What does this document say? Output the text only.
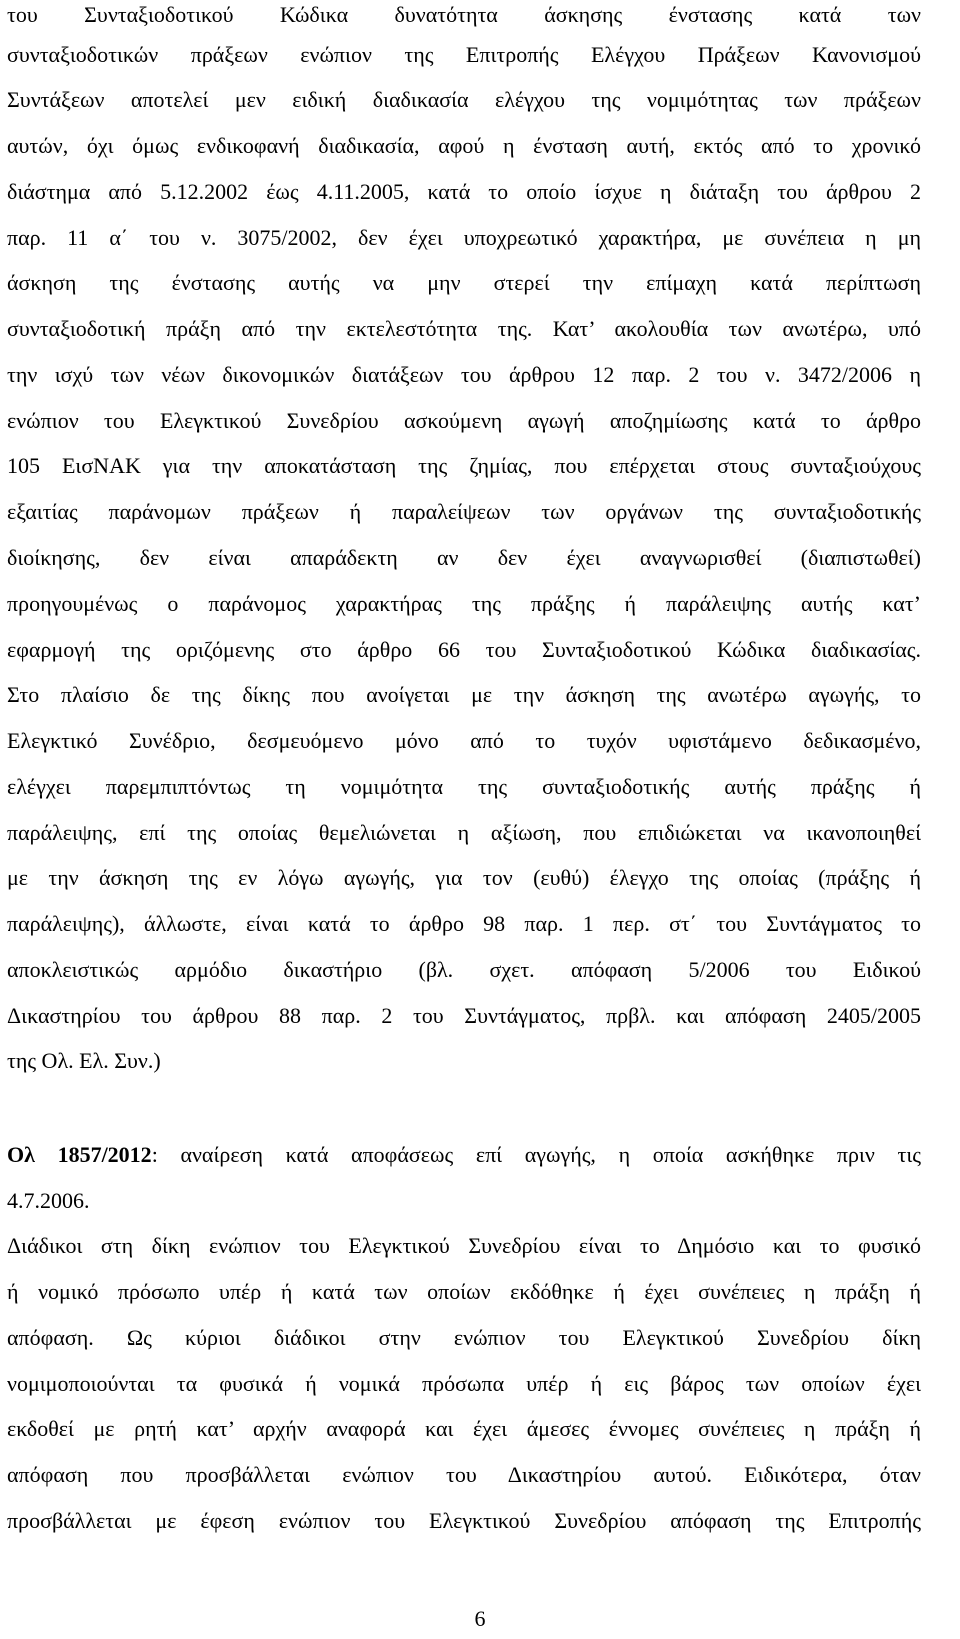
του Συνταξιοδοτικού Κώδικα δυνατότητα άσκησης ένστασης κατά των
συνταξιοδοτικών πράξεων ενώπιον της Επιτροπής Ελέγχου Πράξεων Κανονισμού
Συντάξεων αποτελεί μεν ειδική διαδικασία ελέγχου της νομιμότητας των πράξεων
αυτών, όχι όμως ενδικοφανή διαδικασία, αφού η ένσταση αυτή, εκτός από το χρονικό
διάστημα από 5.12.2002 έως 4.11.2005, κατά το οποίο ίσχυε η διάταξη του άρθρου 2
παρ. 11 α΄ του ν. 3075/2002, δεν έχει υποχρεωτικό χαρακτήρα, με συνέπεια η μη
άσκηση της ένστασης αυτής να μην στερεί την επίμαχη κατά περίπτωση
συνταξιοδοτική πράξη από την εκτελεστότητα της. Κατ’ ακολουθία των ανωτέρω, υπό
την ισχύ των νέων δικονομικών διατάξεων του άρθρου 12 παρ. 2 του ν. 3472/2006 η
ενώπιον του Ελεγκτικού Συνεδρίου ασκούμενη αγωγή αποζημίωσης κατά το άρθρο
105 ΕισΝΑΚ για την αποκατάσταση της ζημίας, που επέρχεται στους συνταξιούχους
εξαιτίας παράνομων πράξεων ή παραλείψεων των οργάνων της συνταξιοδοτικής
διοίκησης, δεν είναι απαράδεκτη αν δεν έχει αναγνωρισθεί (διαπιστωθεί)
προηγουμένως ο παράνομος χαρακτήρας της πράξης ή παράλειψης αυτής κατ’
εφαρμογή της οριζόμενης στο άρθρο 66 του Συνταξιοδοτικού Κώδικα διαδικασίας.
Στο πλαίσιο δε της δίκης που ανοίγεται με την άσκηση της ανωτέρω αγωγής, το
Ελεγκτικό Συνέδριο, δεσμευόμενο μόνο από το τυχόν υφιστάμενο δεδικασμένο,
ελέγχει παρεμπιπτόντως τη νομιμότητα της συνταξιοδοτικής αυτής πράξης ή
παράλειψης, επί της οποίας θεμελιώνεται η αξίωση, που επιδιώκεται να ικανοποιηθεί
με την άσκηση της εν λόγω αγωγής, για τον (ευθύ) έλεγχο της οποίας (πράξης ή
παράλειψης), άλλωστε, είναι κατά το άρθρο 98 παρ. 1 περ. στ΄ του Συντάγματος το
αποκλειστικώς αρμόδιο δικαστήριο (βλ. σχετ. απόφαση 5/2006 του Ειδικού
Δικαστηρίου του άρθρου 88 παρ. 2 του Συντάγματος, πρβλ. και απόφαση 2405/2005
της Ολ. Ελ. Συν.)
Ολ 1857/2012: αναίρεση κατά αποφάσεως επί αγωγής, η οποία ασκήθηκε πριν τις
4.7.2006.
Διάδικοι στη δίκη ενώπιον του Ελεγκτικού Συνεδρίου είναι το Δημόσιο και το φυσικό
ή νομικό πρόσωπο υπέρ ή κατά των οποίων εκδόθηκε ή έχει συνέπειες η πράξη ή
απόφαση. Ως κύριοι διάδικοι στην ενώπιον του Ελεγκτικού Συνεδρίου δίκη
νομιμοποιούνται τα φυσικά ή νομικά πρόσωπα υπέρ ή εις βάρος των οποίων έχει
εκδοθεί με ρητή κατ’ αρχήν αναφορά και έχει άμεσες έννομες συνέπειες η πράξη ή
απόφαση που προσβάλλεται ενώπιον του Δικαστηρίου αυτού. Ειδικότερα, όταν
προσβάλλεται με έφεση ενώπιον του Ελεγκτικού Συνεδρίου απόφαση της Επιτροπής
6
